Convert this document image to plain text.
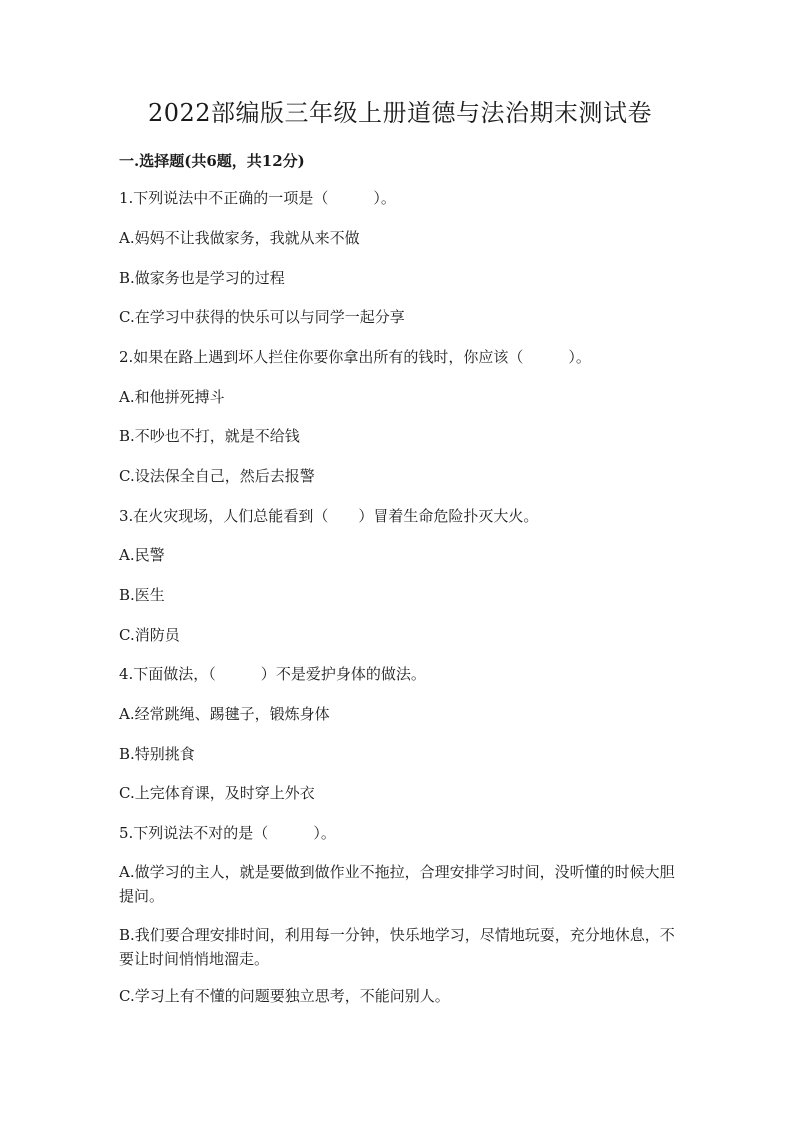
2022部编版三年级上册道德与法治期末测试卷
一.选择题(共6题，共12分)
1.下列说法中不正确的一项是（　　　）。
A.妈妈不让我做家务，我就从来不做
B.做家务也是学习的过程
C.在学习中获得的快乐可以与同学一起分享
2.如果在路上遇到坏人拦住你要你拿出所有的钱时，你应该（　　　）。
A.和他拼死搏斗
B.不吵也不打，就是不给钱
C.设法保全自己，然后去报警
3.在火灾现场，人们总能看到（　　）冒着生命危险扑灭大火。
A.民警
B.医生
C.消防员
4.下面做法，（　　　）不是爱护身体的做法。
A.经常跳绳、踢毽子，锻炼身体
B.特别挑食
C.上完体育课，及时穿上外衣
5.下列说法不对的是（　　　）。
A.做学习的主人，就是要做到做作业不拖拉，合理安排学习时间，没听懂的时候大胆提问。
B.我们要合理安排时间，利用每一分钟，快乐地学习，尽情地玩耍，充分地休息，不要让时间悄悄地溜走。
C.学习上有不懂的问题要独立思考，不能问别人。
